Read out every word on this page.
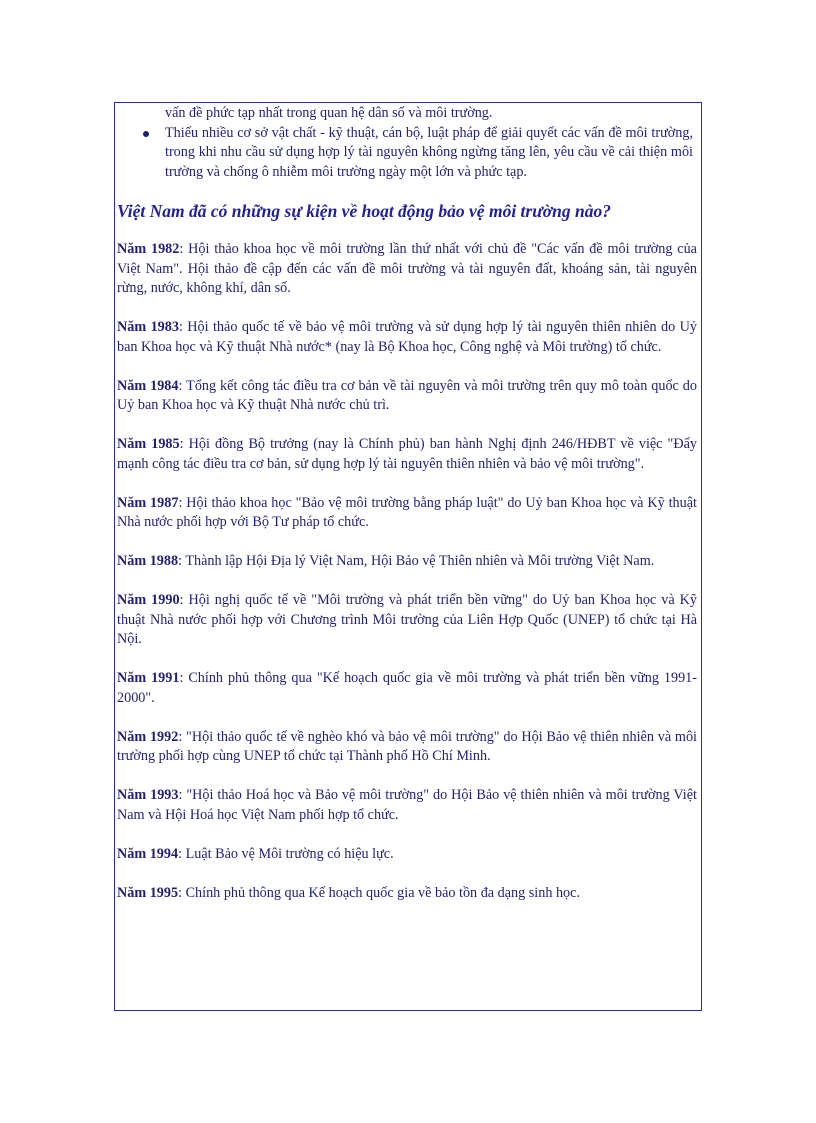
vấn đề phức tạp nhất trong quan hệ dân số và môi trường.
Thiếu nhiều cơ sở vật chất - kỹ thuật, cán bộ, luật pháp để giải quyết các vấn đề môi trường, trong khi nhu cầu sử dụng hợp lý tài nguyên không ngừng tăng lên, yêu cầu về cải thiện môi trường và chống ô nhiễm môi trường ngày một lớn và phức tạp.
Việt Nam đã có những sự kiện về hoạt động bảo vệ môi trường nào?
Năm 1982: Hội thảo khoa học về môi trường lần thứ nhất với chủ đề "Các vấn đề môi trường của Việt Nam". Hội thảo đề cập đến các vấn đề môi trường và tài nguyên đất, khoáng sản, tài nguyên rừng, nước, không khí, dân số.
Năm 1983: Hội thảo quốc tế về bảo vệ môi trường và sử dụng hợp lý tài nguyên thiên nhiên do Uỷ ban Khoa học và Kỹ thuật Nhà nước* (nay là Bộ Khoa học, Công nghệ và Môi trường) tổ chức.
Năm 1984: Tổng kết công tác điều tra cơ bản về tài nguyên và môi trường trên quy mô toàn quốc do Uỷ ban Khoa học và Kỹ thuật Nhà nước chủ trì.
Năm 1985: Hội đồng Bộ trưởng (nay là Chính phủ) ban hành Nghị định 246/HĐBT về việc "Đẩy mạnh công tác điều tra cơ bản, sử dụng hợp lý tài nguyên thiên nhiên và bảo vệ môi trường".
Năm 1987: Hội thảo khoa học "Bảo vệ môi trường bằng pháp luật" do Uỷ ban Khoa học và Kỹ thuật Nhà nước phối hợp với Bộ Tư pháp tổ chức.
Năm 1988: Thành lập Hội Địa lý Việt Nam, Hội Bảo vệ Thiên nhiên và Môi trường Việt Nam.
Năm 1990: Hội nghị quốc tế về "Môi trường và phát triển bền vững" do Uỷ ban Khoa học và Kỹ thuật Nhà nước phối hợp với Chương trình Môi trường của Liên Hợp Quốc (UNEP) tổ chức tại Hà Nội.
Năm 1991: Chính phủ thông qua "Kế hoạch quốc gia về môi trường và phát triển bền vững 1991-2000".
Năm 1992: "Hội thảo quốc tế về nghèo khó và bảo vệ môi trường" do Hội Bảo vệ thiên nhiên và môi trường phối hợp cùng UNEP tổ chức tại Thành phố Hồ Chí Minh.
Năm 1993: "Hội thảo Hoá học và Bảo vệ môi trường" do Hội Bảo vệ thiên nhiên và môi trường Việt Nam và Hội Hoá học Việt Nam phối hợp tổ chức.
Năm 1994: Luật Bảo vệ Môi trường có hiệu lực.
Năm 1995: Chính phủ thông qua Kế hoạch quốc gia về bảo tồn đa dạng sinh học.
